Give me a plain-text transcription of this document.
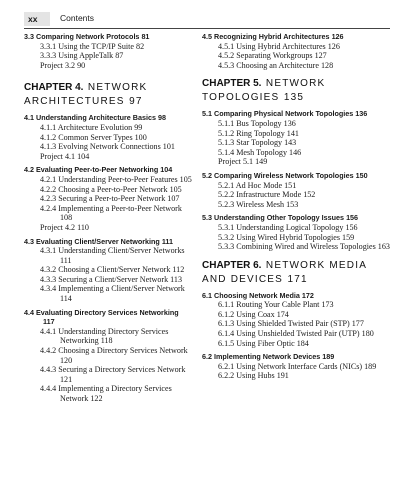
xx	Contents
3.3 Comparing Network Protocols 81
3.3.1 Using the TCP/IP Suite 82
3.3.3 Using AppleTalk 87
Project 3.2 90
CHAPTER 4. NETWORK ARCHITECTURES 97
4.1 Understanding Architecture Basics 98
4.1.1 Architecture Evolution 99
4.1.2 Common Server Types 100
4.1.3 Evolving Network Connections 101
Project 4.1 104
4.2 Evaluating Peer-to-Peer Networking 104
4.2.1 Understanding Peer-to-Peer Features 105
4.2.2 Choosing a Peer-to-Peer Network 105
4.2.3 Securing a Peer-to-Peer Network 107
4.2.4 Implementing a Peer-to-Peer Network 108
Project 4.2 110
4.3 Evaluating Client/Server Networking 111
4.3.1 Understanding Client/Server Networks 111
4.3.2 Choosing a Client/Server Network 112
4.3.3 Securing a Client/Server Network 113
4.3.4 Implementing a Client/Server Network 114
4.4 Evaluating Directory Services Networking 117
4.4.1 Understanding Directory Services Networking 118
4.4.2 Choosing a Directory Services Network 120
4.4.3 Securing a Directory Services Network 121
4.4.4 Implementing a Directory Services Network 122
4.5 Recognizing Hybrid Architectures 126
4.5.1 Using Hybrid Architectures 126
4.5.2 Separating Workgroups 127
4.5.3 Choosing an Architecture 128
CHAPTER 5. NETWORK TOPOLOGIES 135
5.1 Comparing Physical Network Topologies 136
5.1.1 Bus Topology 136
5.1.2 Ring Topology 141
5.1.3 Star Topology 143
5.1.4 Mesh Topology 146
Project 5.1 149
5.2 Comparing Wireless Network Topologies 150
5.2.1 Ad Hoc Mode 151
5.2.2 Infrastructure Mode 152
5.2.3 Wireless Mesh 153
5.3 Understanding Other Topology Issues 156
5.3.1 Understanding Logical Topology 156
5.3.2 Using Wired Hybrid Topologies 159
5.3.3 Combining Wired and Wireless Topologies 163
CHAPTER 6. NETWORK MEDIA AND DEVICES 171
6.1 Choosing Network Media 172
6.1.1 Routing Your Cable Plant 173
6.1.2 Using Coax 174
6.1.3 Using Shielded Twisted Pair (STP) 177
6.1.4 Using Unshielded Twisted Pair (UTP) 180
6.1.5 Using Fiber Optic 184
6.2 Implementing Network Devices 189
6.2.1 Using Network Interface Cards (NICs) 189
6.2.2 Using Hubs 191
